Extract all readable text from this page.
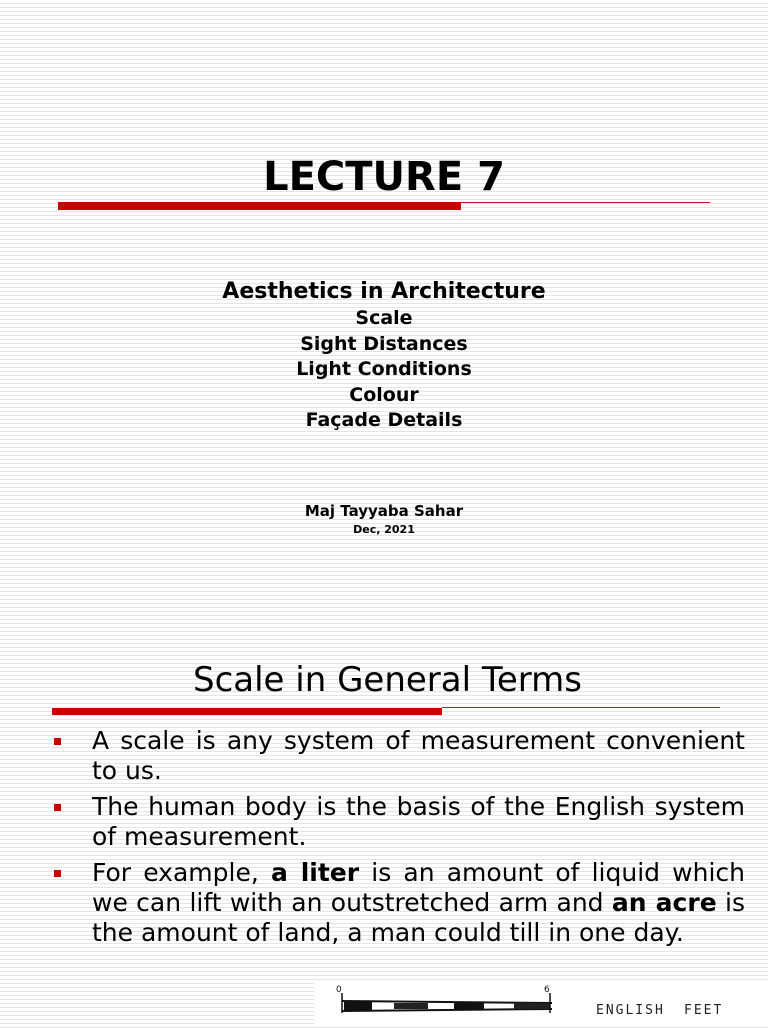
LECTURE 7
Aesthetics in Architecture
Scale
Sight Distances
Light Conditions
Colour
Façade Details
Maj Tayyaba Sahar
Dec, 2021
Scale in General Terms
A scale is any system of measurement convenient to us.
The human body is the basis of the English system of measurement.
For example, a liter is an amount of liquid which we can lift with an outstretched arm and an acre is the amount of land, a man could till in one day.
0	6
ENGLISH FEET
